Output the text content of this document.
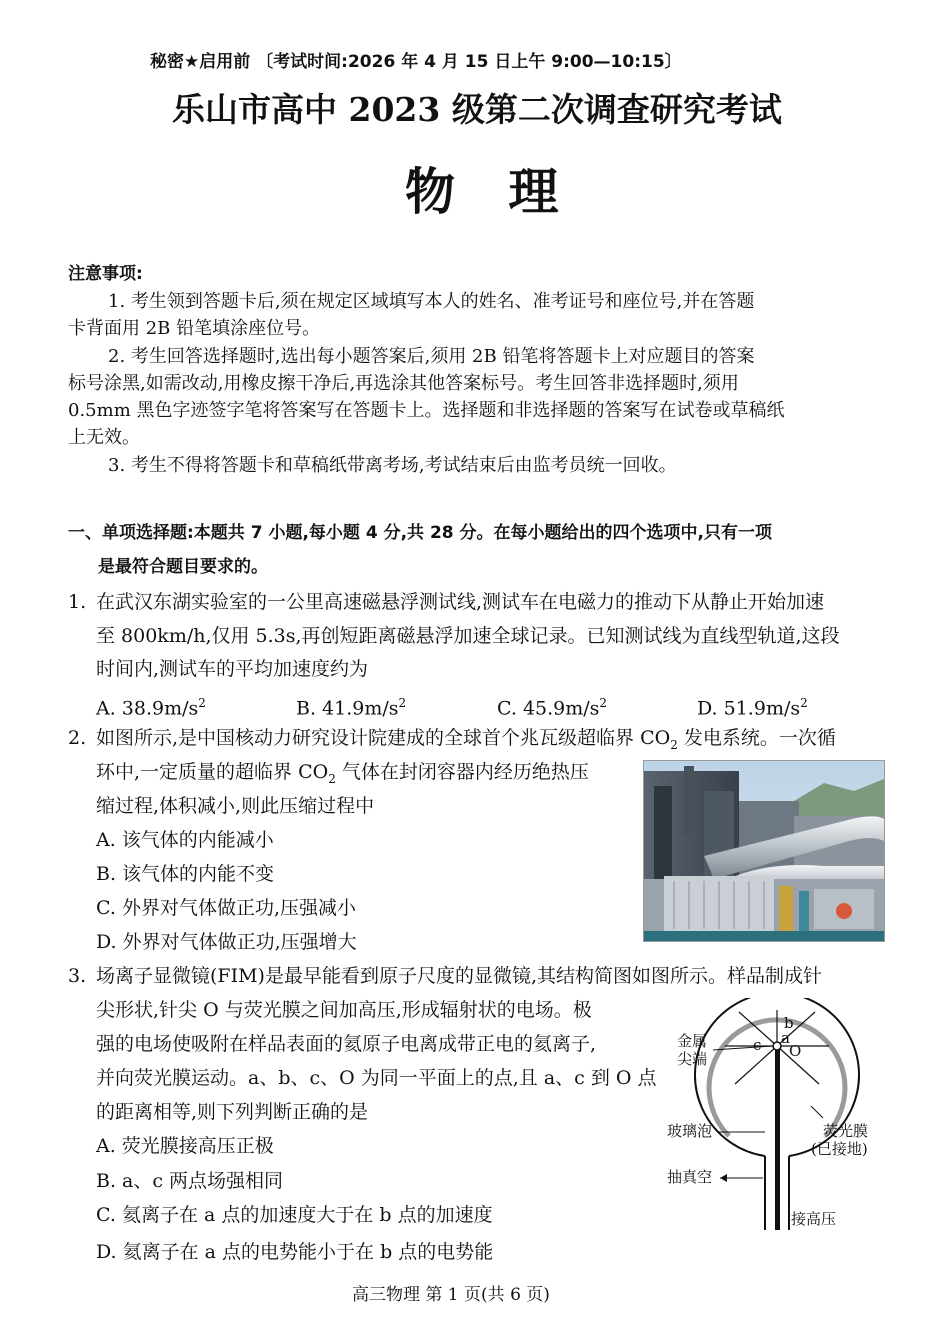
秘密★启用前 〔考试时间:2026 年 4 月 15 日上午 9:00—10:15〕
乐山市高中 2023 级第二次调查研究考试
物 理
注意事项:
1. 考生领到答题卡后,须在规定区域填写本人的姓名、准考证号和座位号,并在答题
卡背面用 2B 铅笔填涂座位号。
2. 考生回答选择题时,选出每小题答案后,须用 2B 铅笔将答题卡上对应题目的答案
标号涂黑,如需改动,用橡皮擦干净后,再选涂其他答案标号。考生回答非选择题时,须用
0.5mm 黑色字迹签字笔将答案写在答题卡上。选择题和非选择题的答案写在试卷或草稿纸
上无效。
3. 考生不得将答题卡和草稿纸带离考场,考试结束后由监考员统一回收。
一、单项选择题:本题共 7 小题,每小题 4 分,共 28 分。在每小题给出的四个选项中,只有一项
是最符合题目要求的。
1. 在武汉东湖实验室的一公里高速磁悬浮测试线,测试车在电磁力的推动下从静止开始加速
至 800km/h,仅用 5.3s,再创短距离磁悬浮加速全球记录。已知测试线为直线型轨道,这段
时间内,测试车的平均加速度约为
A. $38.9m/s^2$	B. $41.9m/s^2$	C. $45.9m/s^2$	D. $51.9m/s^2$
2. 如图所示,是中国核动力研究设计院建成的全球首个兆瓦级超临界 $CO_2$ 发电系统。一次循
环中,一定质量的超临界 $CO_2$ 气体在封闭容器内经历绝热压
缩过程,体积减小,则此压缩过程中
A. 该气体的内能减小
B. 该气体的内能不变
C. 外界对气体做正功,压强减小
D. 外界对气体做正功,压强增大
3. 场离子显微镜(FIM)是最早能看到原子尺度的显微镜,其结构简图如图所示。样品制成针
尖形状,针尖 O 与荧光膜之间加高压,形成辐射状的电场。极
强的电场使吸附在样品表面的氦原子电离成带正电的氦离子,
并向荧光膜运动。a、b、c、O 为同一平面上的点,且 a、c 到 O 点
的距离相等,则下列判断正确的是
A. 荧光膜接高压正极
B. a、c 两点场强相同
C. 氦离子在 a 点的加速度大于在 b 点的加速度
D. 氦离子在 a 点的电势能小于在 b 点的电势能
b
a
c O
金属
尖端
玻璃泡
抽真空
荧光膜
(已接地)
接高压
高三物理 第 1 页(共 6 页)
